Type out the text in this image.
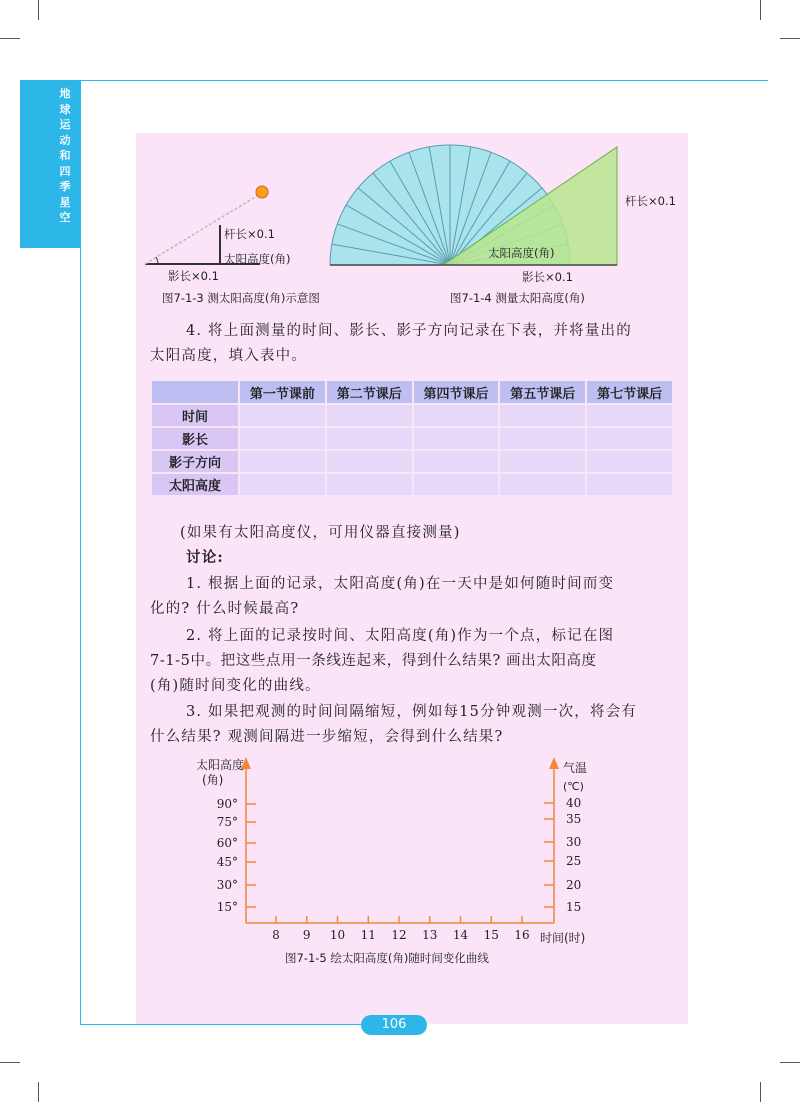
地
球
运
动
和
四
季
星
空
杆长×0.1
太阳高度(角)
影长×0.1
图7-1-3 测太阳高度(角)示意图
杆长×0.1
太阳高度(角)
影长×0.1
图7-1-4 测量太阳高度(角)
4. 将上面测量的时间、影长、影子方向记录在下表，并将量出的
太阳高度，填入表中。
	第一节课前	第二节课后	第四节课后	第五节课后	第七节课后
时间					
影长					
影子方向					
太阳高度					
(如果有太阳高度仪，可用仪器直接测量)
讨论:
1. 根据上面的记录，太阳高度(角)在一天中是如何随时间而变
化的? 什么时候最高?
2. 将上面的记录按时间、太阳高度(角)作为一个点，标记在图
7-1-5中。把这些点用一条线连起来，得到什么结果? 画出太阳高度
(角)随时间变化的曲线。
3. 如果把观测的时间间隔缩短，例如每15分钟观测一次，将会有
什么结果? 观测间隔进一步缩短，会得到什么结果?
8 9 10 11 12 13 14 15 16
15°
30°
45°
60°
75°
90°
15
20
25
30
35
40
太阳高度
(角)
气温
(℃)
时间(时)
图7-1-5 绘太阳高度(角)随时间变化曲线
106
